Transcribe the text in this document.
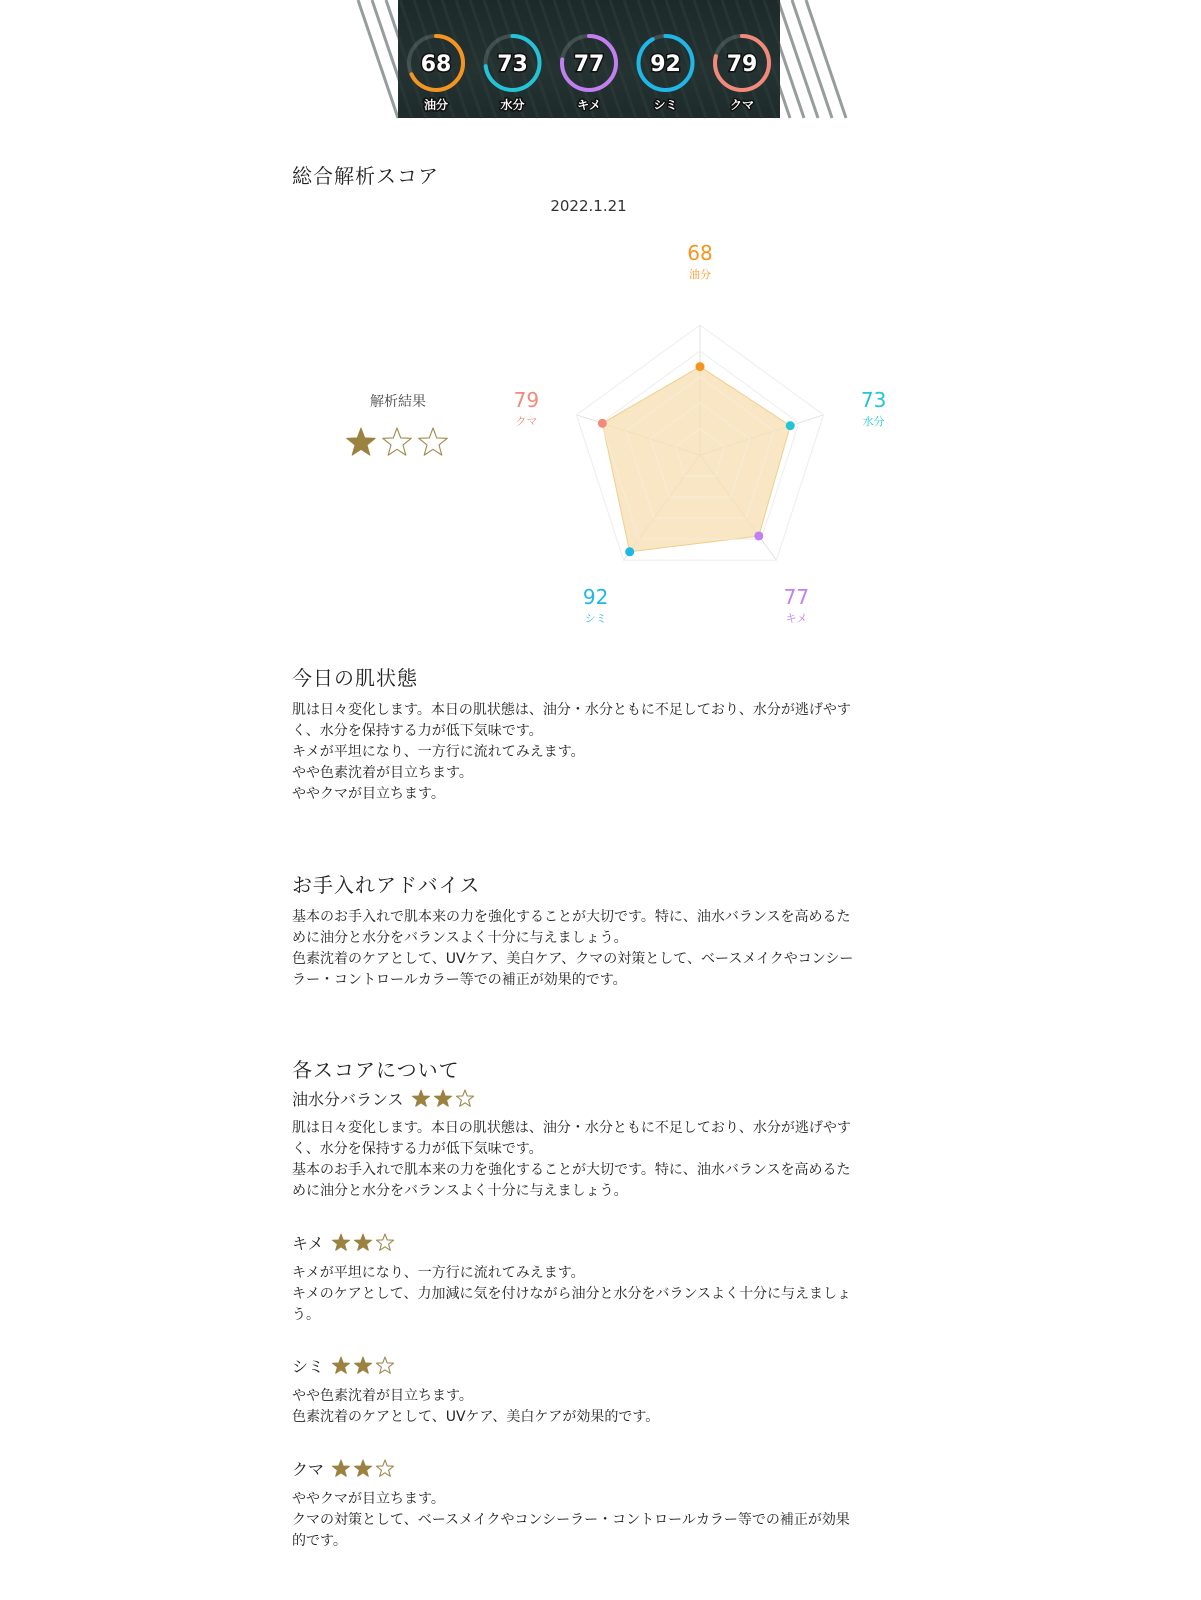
68
油分
73
水分
77
キメ
92
シミ
79
クマ
総合解析スコア
2022.1.21
解析結果
68
油分
73
水分
77
キメ
92
シミ
79
クマ
今日の肌状態
肌は日々変化します。本日の肌状態は、油分・水分ともに不足しており、水分が逃げやす
く、水分を保持する力が低下気味です。
キメが平坦になり、一方行に流れてみえます。
やや色素沈着が目立ちます。
ややクマが目立ちます。
お手入れアドバイス
基本のお手入れで肌本来の力を強化することが大切です。特に、油水バランスを高めるた
めに油分と水分をバランスよく十分に与えましょう。
色素沈着のケアとして、UVケア、美白ケア、クマの対策として、ベースメイクやコンシー
ラー・コントロールカラー等での補正が効果的です。
各スコアについて
油水分バランス
肌は日々変化します。本日の肌状態は、油分・水分ともに不足しており、水分が逃げやす
く、水分を保持する力が低下気味です。
基本のお手入れで肌本来の力を強化することが大切です。特に、油水バランスを高めるた
めに油分と水分をバランスよく十分に与えましょう。
キメ
キメが平坦になり、一方行に流れてみえます。
キメのケアとして、力加減に気を付けながら油分と水分をバランスよく十分に与えましょ
う。
シミ
やや色素沈着が目立ちます。
色素沈着のケアとして、UVケア、美白ケアが効果的です。
クマ
ややクマが目立ちます。
クマの対策として、ベースメイクやコンシーラー・コントロールカラー等での補正が効果
的です。
